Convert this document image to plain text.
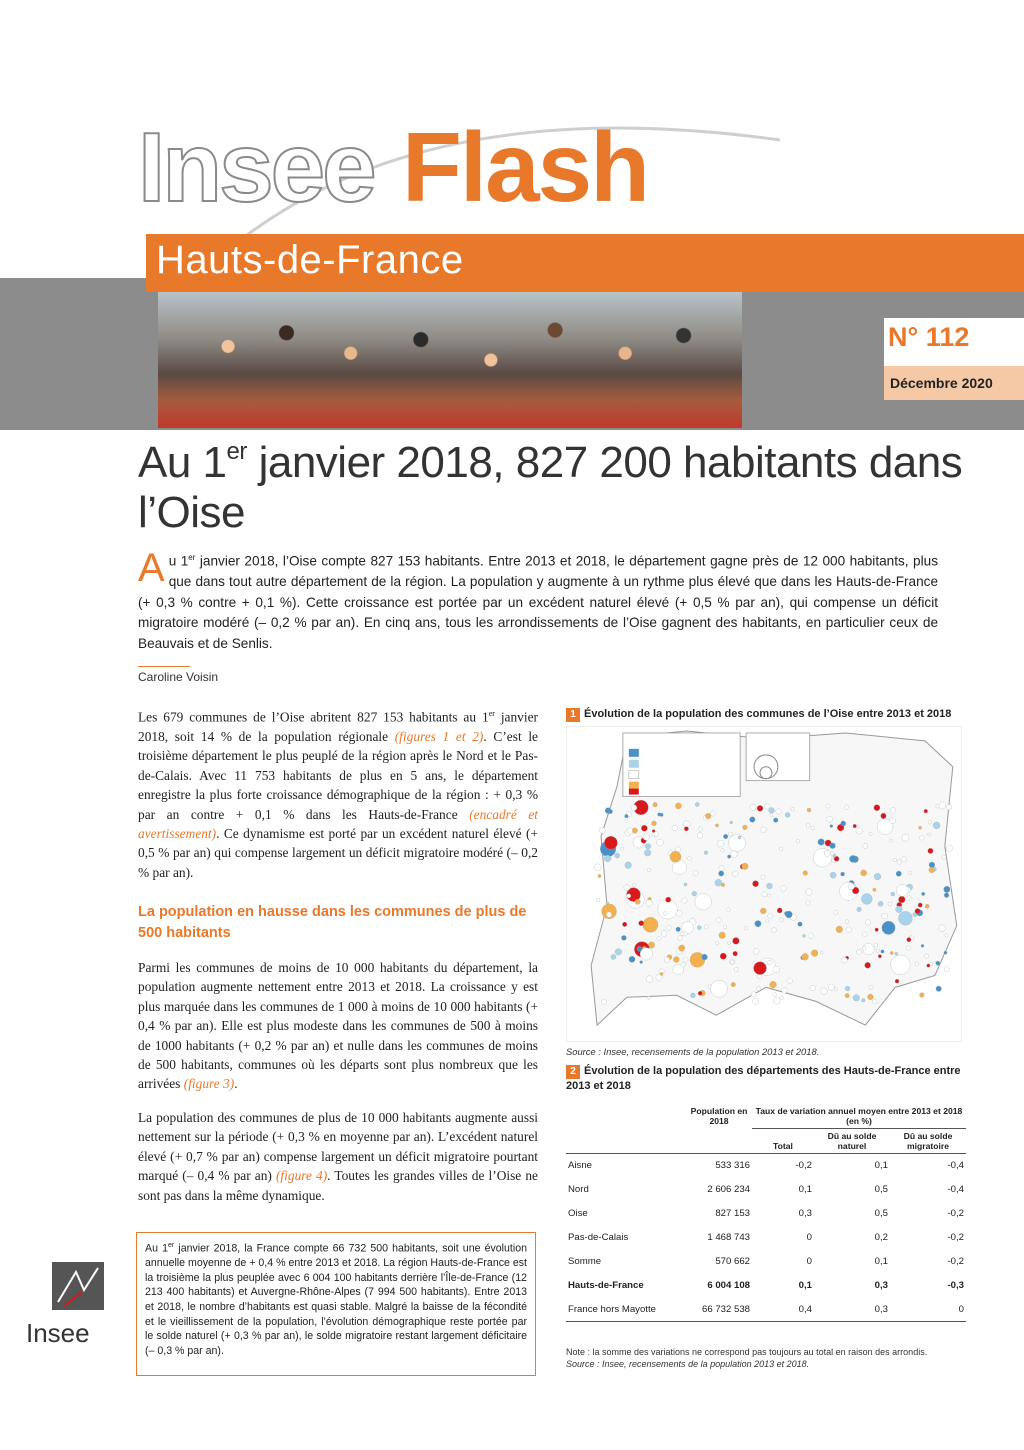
Insee Flash
Hauts-de-France
N° 112
Décembre 2020
Au 1er janvier 2018, 827 200 habitants dans l’Oise
Au 1er janvier 2018, l’Oise compte 827 153 habitants. Entre 2013 et 2018, le département gagne près de 12 000 habitants, plus que dans tout autre département de la région. La population y augmente à un rythme plus élevé que dans les Hauts-de-France (+ 0,3 % contre + 0,1 %). Cette croissance est portée par un excédent naturel élevé (+ 0,5 % par an), qui compense un déficit migratoire modéré (– 0,2 % par an). En cinq ans, tous les arrondissements de l’Oise gagnent des habitants, en particulier ceux de Beauvais et de Senlis.
Caroline Voisin

Les 679 communes de l’Oise abritent 827 153 habitants au 1er janvier 2018, soit 14 % de la population régionale (figures 1 et 2). C’est le troisième département le plus peuplé de la région après le Nord et le Pas-de-Calais. Avec 11 753 habitants de plus en 5 ans, le département enregistre la plus forte croissance démographique de la région : + 0,3 % par an contre + 0,1 % dans les Hauts-de-France (encadré et avertissement). Ce dynamisme est porté par un excédent naturel élevé (+ 0,5 % par an) qui compense largement un déficit migratoire modéré (– 0,2 % par an).

La population en hausse dans les communes de plus de 500 habitants

Parmi les communes de moins de 10 000 habitants du département, la population augmente nettement entre 2013 et 2018. La croissance y est plus marquée dans les communes de 1 000 à moins de 10 000 habitants (+ 0,4 % par an). Elle est plus modeste dans les communes de 500 à moins de 1000 habitants (+ 0,2 % par an) et nulle dans les communes de moins de 500 habitants, communes où les départs sont plus nombreux que les arrivées (figure 3).

La population des communes de plus de 10 000 habitants augmente aussi nettement sur la période (+ 0,3 % en moyenne par an). L’excédent naturel élevé (+ 0,7 % par an) compense largement un déficit migratoire pourtant marqué (– 0,4 % par an) (figure 4). Toutes les grandes villes de l’Oise ne sont pas dans la même dynamique.

Insee
Au 1er janvier 2018, la France compte 66 732 500 habitants, soit une évolution annuelle moyenne de + 0,4 % entre 2013 et 2018. La région Hauts-de-France est la troisième la plus peuplée avec 6 004 100 habitants derrière l’Île-de-France (12 213 400 habitants) et Auvergne-Rhône-Alpes (7 994 500 habitants). Entre 2013 et 2018, le nombre d’habitants est quasi stable. Malgré la baisse de la fécondité et le vieillissement de la population, l’évolution démographique reste portée par le solde naturel (+ 0,3 % par an), le solde migratoire restant largement déficitaire (– 0,3 % par an).
1 Évolution de la population des communes de l’Oise entre 2013 et 2018
Source : Insee, recensements de la population 2013 et 2018.
2 Évolution de la population des départements des Hauts-de-France entre 2013 et 2018
	Population en 2018	Taux de variation annuel moyen entre 2013 et 2018 (en %)		
		Total	Dû au solde naturel	Dû au solde migratoire
Aisne	533 316	-0,2	0,1	-0,4
Nord	2 606 234	0,1	0,5	-0,4
Oise	827 153	0,3	0,5	-0,2
Pas-de-Calais	1 468 743	0	0,2	-0,2
Somme	570 662	0	0,1	-0,2
Hauts-de-France	6 004 108	0,1	0,3	-0,3
France hors Mayotte	66 732 538	0,4	0,3	0
Note : la somme des variations ne correspond pas toujours au total en raison des arrondis.
Source : Insee, recensements de la population 2013 et 2018.
